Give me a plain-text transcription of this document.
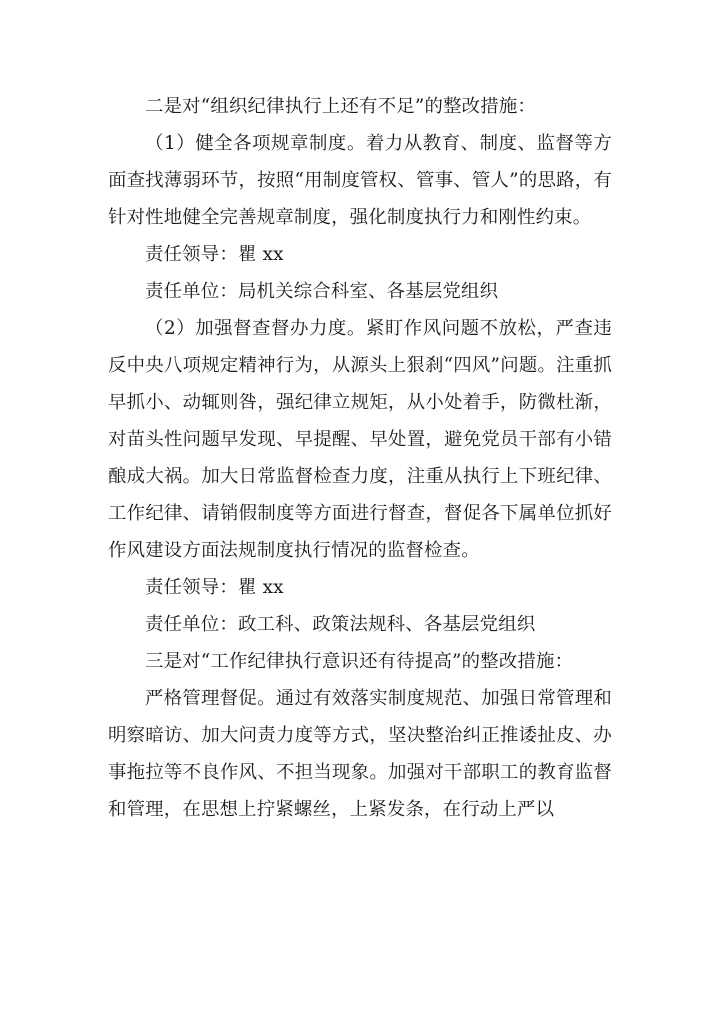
二是对“组织纪律执行上还有不足”的整改措施：

（1）健全各项规章制度。着力从教育、制度、监督等方面查找薄弱环节，按照“用制度管权、管事、管人”的思路，有针对性地健全完善规章制度，强化制度执行力和刚性约束。

责任领导：瞿 xx

责任单位：局机关综合科室、各基层党组织

（2）加强督查督办力度。紧盯作风问题不放松，严查违反中央八项规定精神行为，从源头上狠刹“四风”问题。注重抓早抓小、动辄则咎，强纪律立规矩，从小处着手，防微杜渐，对苗头性问题早发现、早提醒、早处置，避免党员干部有小错酿成大祸。加大日常监督检查力度，注重从执行上下班纪律、工作纪律、请销假制度等方面进行督查，督促各下属单位抓好作风建设方面法规制度执行情况的监督检查。

责任领导：瞿 xx

责任单位：政工科、政策法规科、各基层党组织

三是对“工作纪律执行意识还有待提高”的整改措施：

严格管理督促。通过有效落实制度规范、加强日常管理和明察暗访、加大问责力度等方式，坚决整治纠正推诿扯皮、办事拖拉等不良作风、不担当现象。加强对干部职工的教育监督和管理，在思想上拧紧螺丝，上紧发条，在行动上严以
